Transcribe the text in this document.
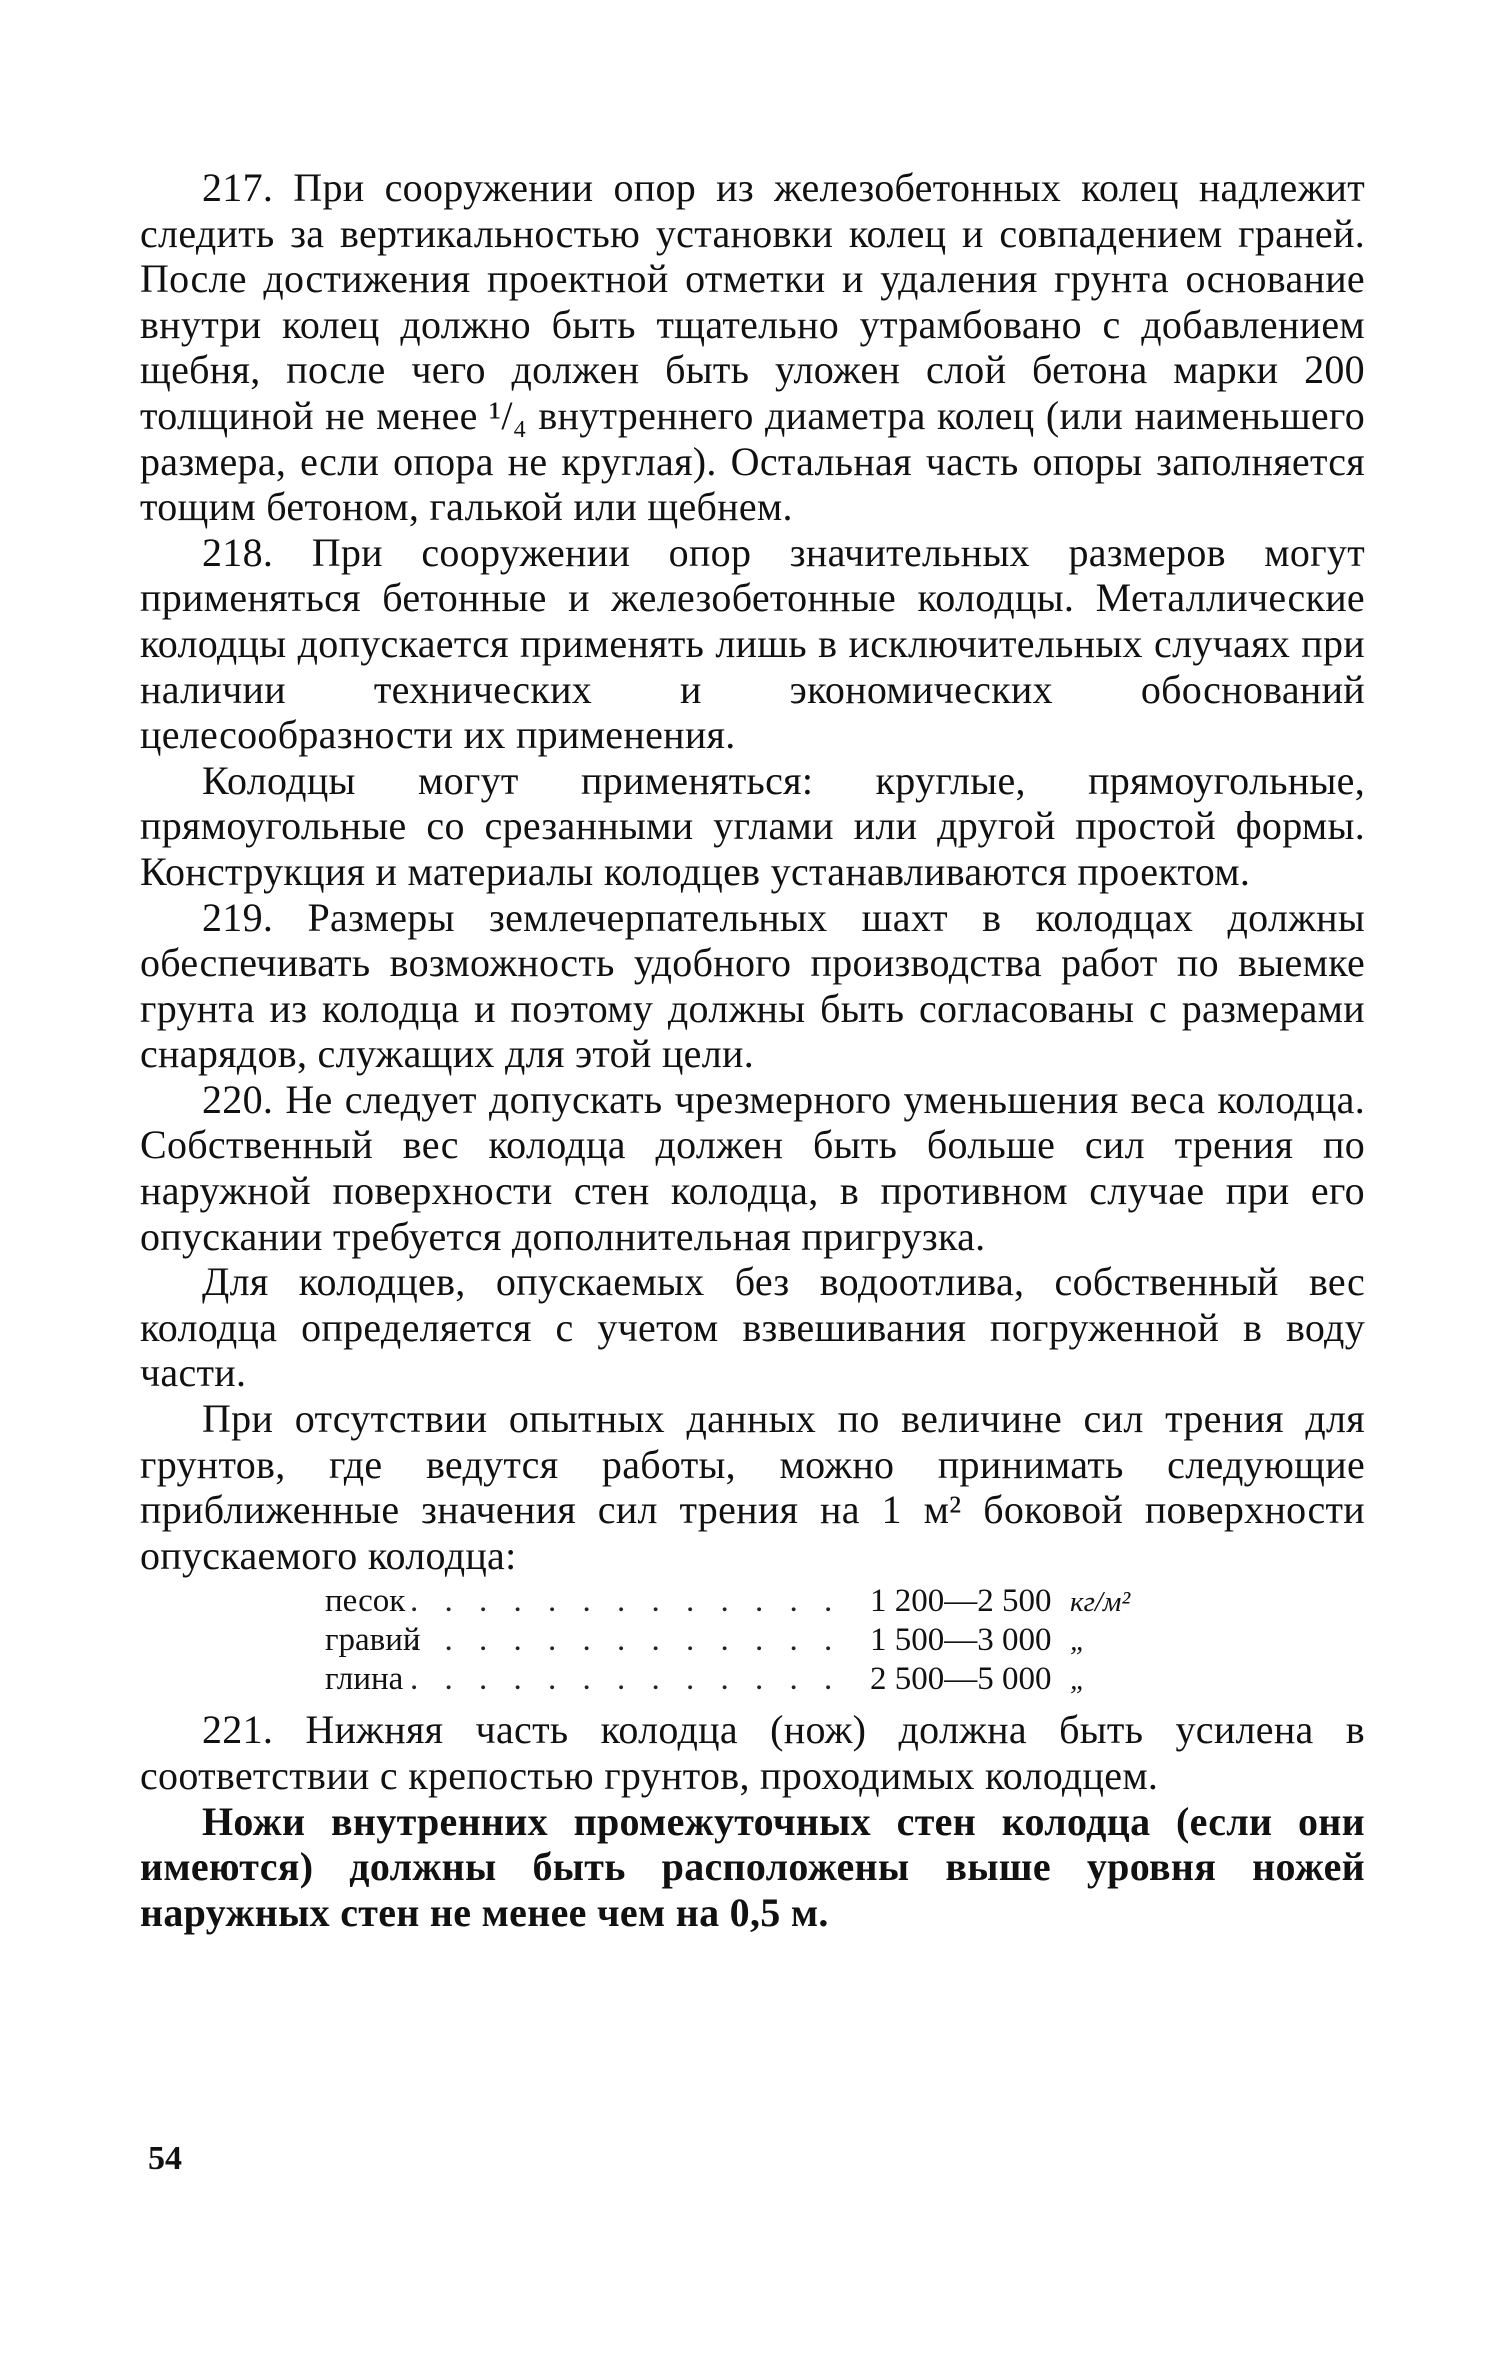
217. При сооружении опор из железобетонных колец надлежит следить за вертикальностью установки колец и совпадением граней. После достижения проектной отметки и удаления грунта основание внутри колец должно быть тщательно утрамбовано с добавлением щебня, после чего должен быть уложен слой бетона марки 200 толщиной не менее ¹/₄ внутреннего диаметра колец (или наименьшего размера, если опора не круглая). Остальная часть опоры заполняется тощим бетоном, галькой или щебнем.

218. При сооружении опор значительных размеров могут применяться бетонные и железобетонные колодцы. Металлические колодцы допускается применять лишь в исключительных случаях при наличии технических и экономических обоснований целесообразности их применения.

Колодцы могут применяться: круглые, прямоугольные, прямоугольные со срезанными углами или другой простой формы. Конструкция и материалы колодцев устанавливаются проектом.

219. Размеры землечерпательных шахт в колодцах должны обеспечивать возможность удобного производства работ по выемке грунта из колодца и поэтому должны быть согласованы с размерами снарядов, служащих для этой цели.

220. Не следует допускать чрезмерного уменьшения веса колодца. Собственный вес колодца должен быть больше сил трения по наружной поверхности стен колодца, в противном случае при его опускании требуется дополнительная пригрузка.

Для колодцев, опускаемых без водоотлива, собственный вес колодца определяется с учетом взвешивания погруженной в воду части.

При отсутствии опытных данных по величине сил трения для грунтов, где ведутся работы, можно принимать следующие приближенные значения сил трения на 1 м² боковой поверхности опускаемого колодца:

песок . . .	1 200—2 500 кг/м²
гравий . . .	1 500—3 000 „
глина . . .	2 500—5 000 „

221. Нижняя часть колодца (нож) должна быть усилена в соответствии с крепостью грунтов, проходимых колодцем.

Ножи внутренних промежуточных стен колодца (если они имеются) должны быть расположены выше уровня ножей наружных стен не менее чем на 0,5 м.

54
